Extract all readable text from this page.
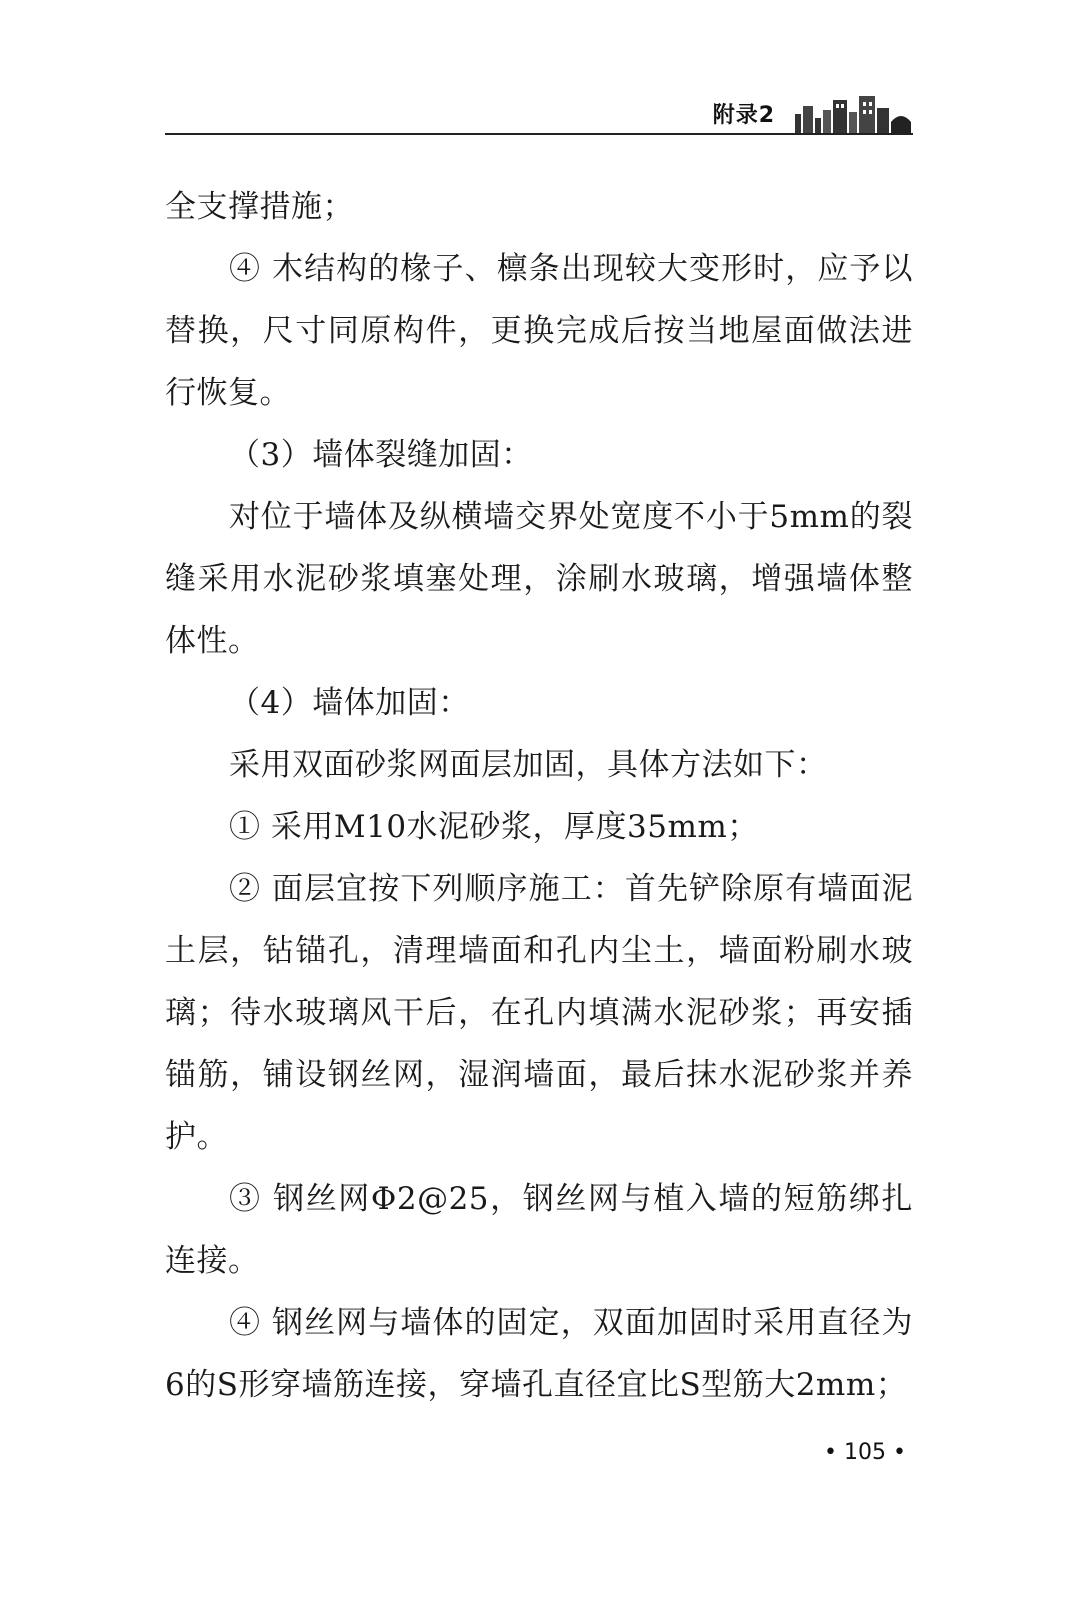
附录2

全支撑措施；

④ 木结构的椽子、檩条出现较大变形时，应予以替换，尺寸同原构件，更换完成后按当地屋面做法进行恢复。

（3）墙体裂缝加固：

对位于墙体及纵横墙交界处宽度不小于5mm的裂缝采用水泥砂浆填塞处理，涂刷水玻璃，增强墙体整体性。

（4）墙体加固：

采用双面砂浆网面层加固，具体方法如下：

① 采用M10水泥砂浆，厚度35mm；

② 面层宜按下列顺序施工：首先铲除原有墙面泥土层，钻锚孔，清理墙面和孔内尘土，墙面粉刷水玻璃；待水玻璃风干后，在孔内填满水泥砂浆；再安插锚筋，铺设钢丝网，湿润墙面，最后抹水泥砂浆并养护。

③ 钢丝网Φ2@25，钢丝网与植入墙的短筋绑扎连接。

④ 钢丝网与墙体的固定，双面加固时采用直径为6的S形穿墙筋连接，穿墙孔直径宜比S型筋大2mm；

• 105 •
